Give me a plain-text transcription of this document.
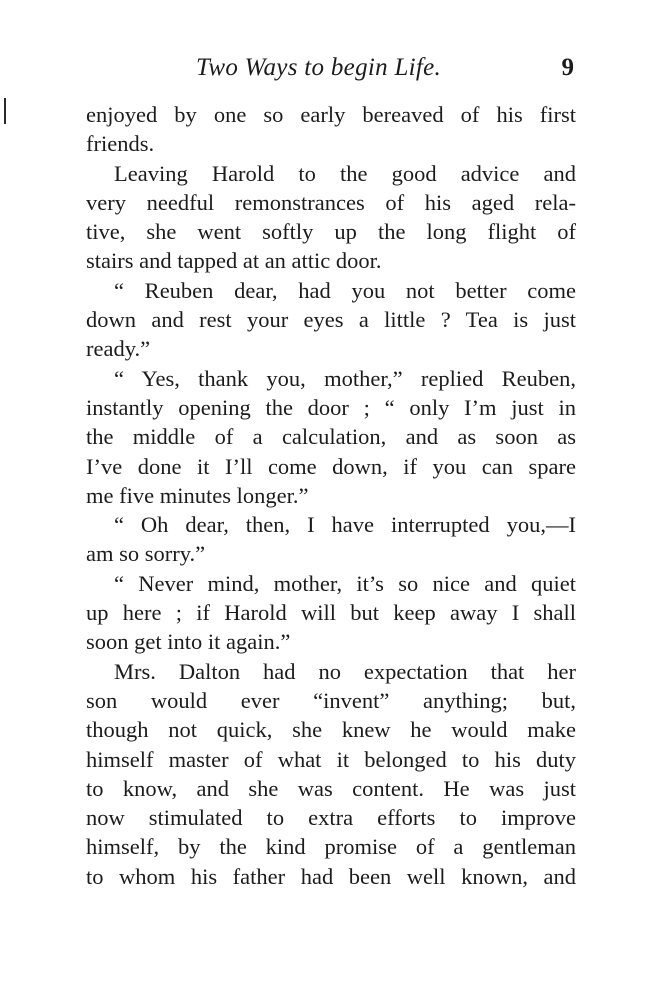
Two Ways to begin Life.	9
enjoyed by one so early bereaved of his first
friends.
Leaving Harold to the good advice and
very needful remonstrances of his aged rela-
tive, she went softly up the long flight of
stairs and tapped at an attic door.
“ Reuben dear, had you not better come
down and rest your eyes a little ? Tea is just
ready.”
“ Yes, thank you, mother,” replied Reuben,
instantly opening the door ; “ only I’m just in
the middle of a calculation, and as soon as
I’ve done it I’ll come down, if you can spare
me five minutes longer.”
“ Oh dear, then, I have interrupted you,—I
am so sorry.”
“ Never mind, mother, it’s so nice and quiet
up here ; if Harold will but keep away I shall
soon get into it again.”
Mrs. Dalton had no expectation that her
son would ever “invent” anything; but,
though not quick, she knew he would make
himself master of what it belonged to his duty
to know, and she was content. He was just
now stimulated to extra efforts to improve
himself, by the kind promise of a gentleman
to whom his father had been well known, and
